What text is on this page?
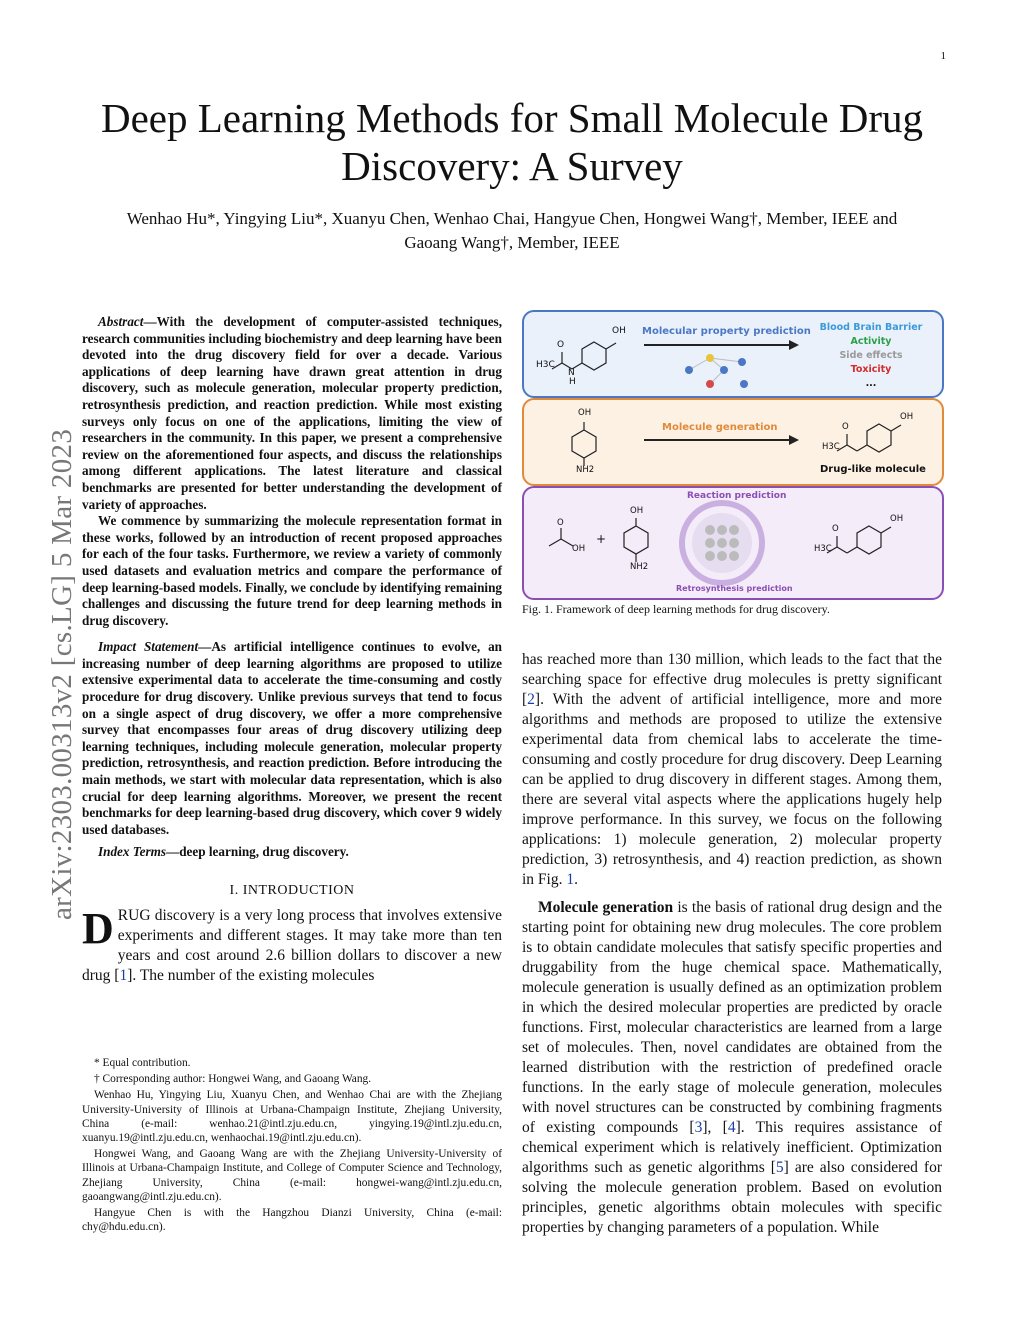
1
arXiv:2303.00313v2 [cs.LG] 5 Mar 2023
Deep Learning Methods for Small Molecule Drug Discovery: A Survey
Wenhao Hu*, Yingying Liu*, Xuanyu Chen, Wenhao Chai, Hangyue Chen, Hongwei Wang†, Member, IEEE and
Gaoang Wang†, Member, IEEE

Abstract—With the development of computer-assisted techniques, research communities including biochemistry and deep learning have been devoted into the drug discovery field for over a decade. Various applications of deep learning have drawn great attention in drug discovery, such as molecule generation, molecular property prediction, retrosynthesis prediction, and reaction prediction. While most existing surveys only focus on one of the applications, limiting the view of researchers in the community. In this paper, we present a comprehensive review on the aforementioned four aspects, and discuss the relationships among different applications. The latest literature and classical benchmarks are presented for better understanding the development of variety of approaches.

We commence by summarizing the molecule representation format in these works, followed by an introduction of recent proposed approaches for each of the four tasks. Furthermore, we review a variety of commonly used datasets and evaluation metrics and compare the performance of deep learning-based models. Finally, we conclude by identifying remaining challenges and discussing the future trend for deep learning methods in drug discovery.

Impact Statement—As artificial intelligence continues to evolve, an increasing number of deep learning algorithms are proposed to utilize extensive experimental data to accelerate the time-consuming and costly procedure for drug discovery. Unlike previous surveys that tend to focus on a single aspect of drug discovery, we offer a more comprehensive survey that encompasses four areas of drug discovery utilizing deep learning techniques, including molecule generation, molecular property prediction, retrosynthesis, and reaction prediction. Before introducing the main methods, we start with molecular data representation, which is also crucial for deep learning algorithms. Moreover, we present the recent benchmarks for deep learning-based drug discovery, which cover 9 widely used databases.

Index Terms—deep learning, drug discovery.

I. INTRODUCTION
DRUG discovery is a very long process that involves extensive experiments and different stages. It may take more than ten years and cost around 2.6 billion dollars to discover a new drug [1]. The number of the existing molecules

* Equal contribution.

† Corresponding author: Hongwei Wang, and Gaoang Wang.

Wenhao Hu, Yingying Liu, Xuanyu Chen, and Wenhao Chai are with the Zhejiang University-University of Illinois at Urbana-Champaign Institute, Zhejiang University, China (e-mail: wenhao.21@intl.zju.edu.cn, yingying.19@intl.zju.edu.cn, xuanyu.19@intl.zju.edu.cn, wenhaochai.19@intl.zju.edu.cn).

Hongwei Wang, and Gaoang Wang are with the Zhejiang University-University of Illinois at Urbana-Champaign Institute, and College of Computer Science and Technology, Zhejiang University, China (e-mail: hongwei-wang@intl.zju.edu.cn, gaoangwang@intl.zju.edu.cn).

Hangyue Chen is with the Hangzhou Dianzi University, China (e-mail: chy@hdu.edu.cn).

OH
O
H3C
N
H
Molecular property prediction Blood Brain Barrier
Activity
Side effects
Toxicity
...
OH
NH2
Molecule generation
OH
O
H3C
Drug-like molecule
O
OH
+
OH
NH2
Reaction prediction
Retrosynthesis prediction
OH
O
H3C
Fig. 1. Framework of deep learning methods for drug discovery.

has reached more than 130 million, which leads to the fact that the searching space for effective drug molecules is pretty significant [2]. With the advent of artificial intelligence, more and more algorithms and methods are proposed to utilize the extensive experimental data from chemical labs to accelerate the time-consuming and costly procedure for drug discovery. Deep Learning can be applied to drug discovery in different stages. Among them, there are several vital aspects where the applications hugely help improve performance. In this survey, we focus on the following applications: 1) molecule generation, 2) molecular property prediction, 3) retrosynthesis, and 4) reaction prediction, as shown in Fig. 1.

Molecule generation is the basis of rational drug design and the starting point for obtaining new drug molecules. The core problem is to obtain candidate molecules that satisfy specific properties and druggability from the huge chemical space. Mathematically, molecule generation is usually defined as an optimization problem in which the desired molecular properties are predicted by oracle functions. First, molecular characteristics are learned from a large set of molecules. Then, novel candidates are obtained from the learned distribution with the restriction of predefined oracle functions. In the early stage of molecule generation, molecules with novel structures can be constructed by combining fragments of existing compounds [3], [4]. This requires assistance of chemical experiment which is relatively inefficient. Optimization algorithms such as genetic algorithms [5] are also considered for solving the molecule generation problem. Based on evolution principles, genetic algorithms obtain molecules with specific properties by changing parameters of a population. While
